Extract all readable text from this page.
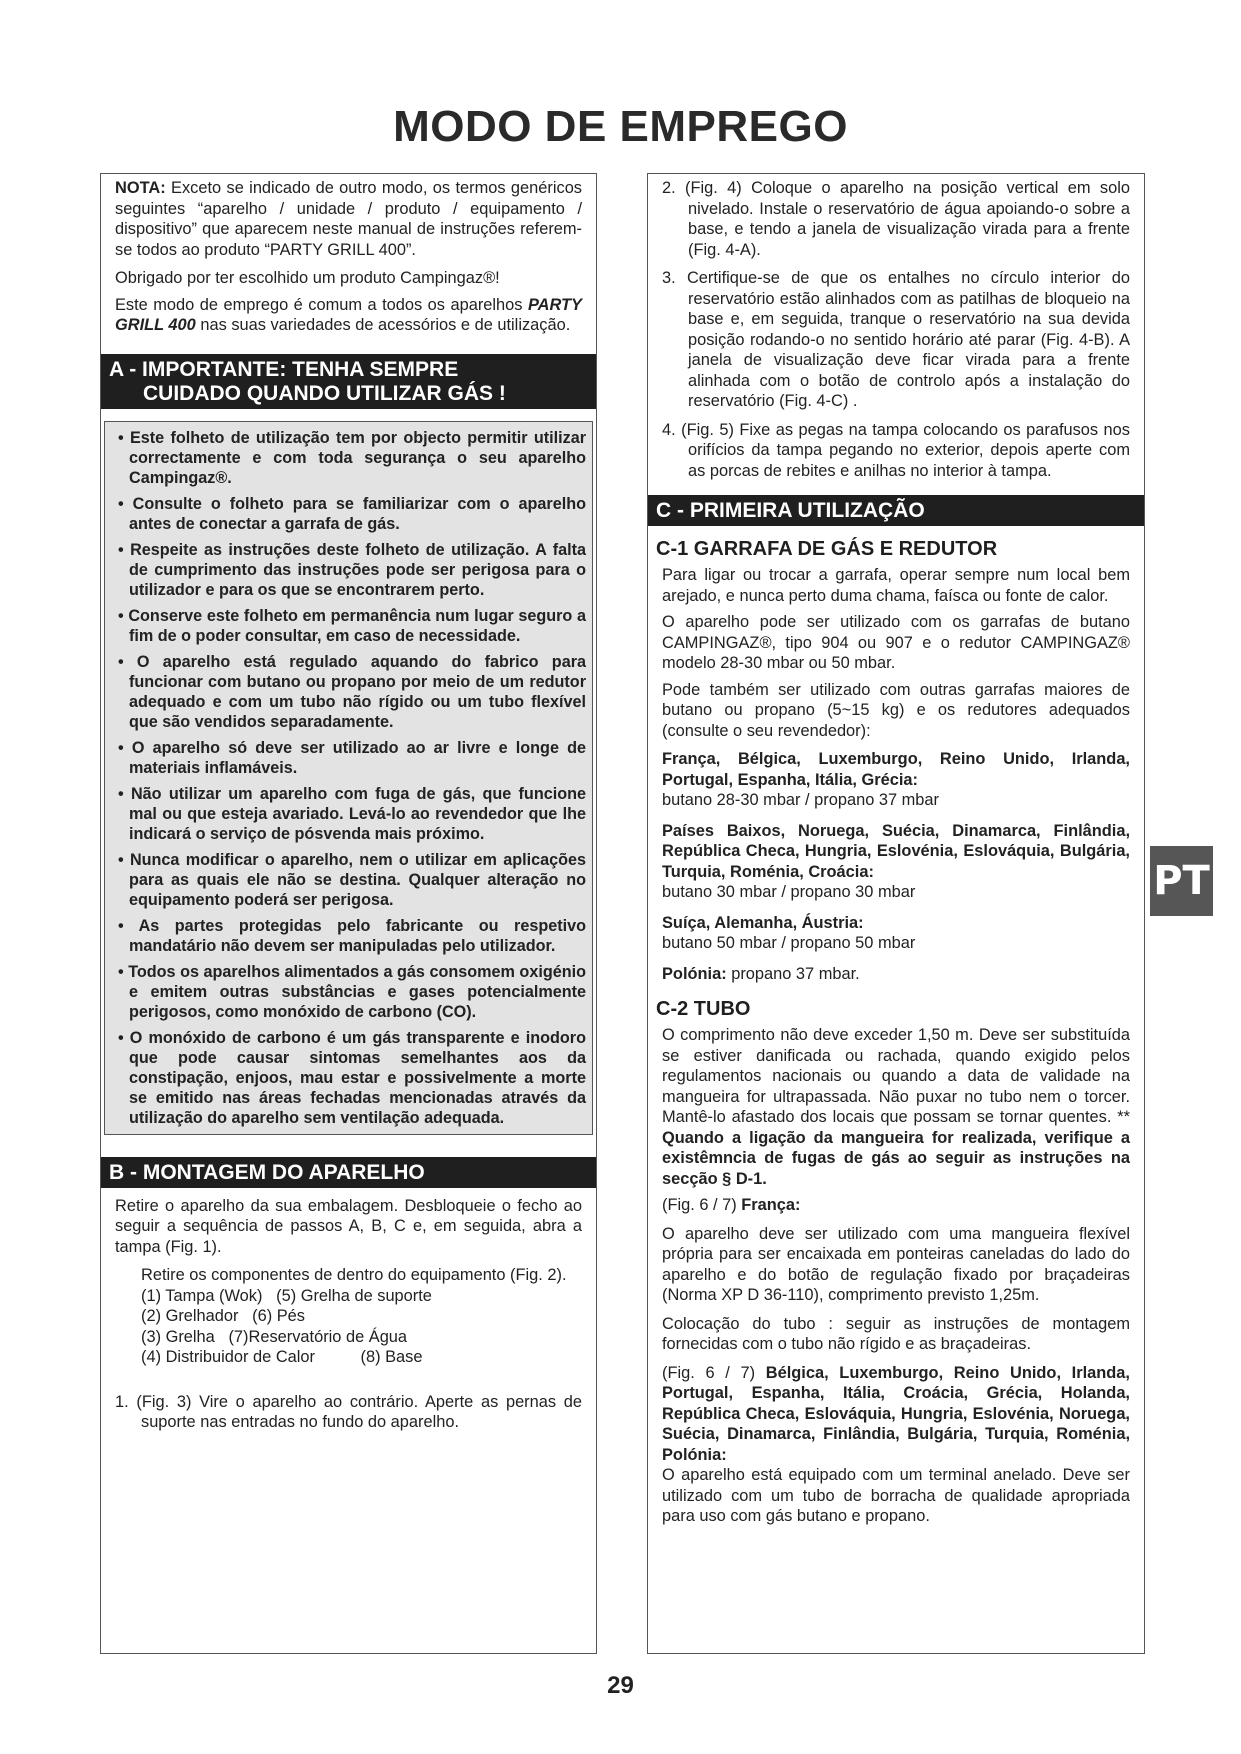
MODO DE EMPREGO

NOTA: Exceto se indicado de outro modo, os termos genéricos seguintes “aparelho / unidade / produto / equipamento / dispositivo” que aparecem neste manual de instruções referem-se todos ao produto “PARTY GRILL 400”.

Obrigado por ter escolhido um produto Campingaz®!

Este modo de emprego é comum a todos os aparelhos PARTY GRILL 400 nas suas variedades de acessórios e de utilização.

A - IMPORTANTE: TENHA SEMPRE
CUIDADO QUANDO UTILIZAR GÁS !

• Este folheto de utilização tem por objecto permitir utilizar correctamente e com toda segurança o seu aparelho Campingaz®.

• Consulte o folheto para se familiarizar com o aparelho antes de conectar a garrafa de gás.

• Respeite as instruções deste folheto de utilização. A falta de cumprimento das instruções pode ser perigosa para o utilizador e para os que se encontrarem perto.

• Conserve este folheto em permanência num lugar seguro a fim de o poder consultar, em caso de necessidade.

• O aparelho está regulado aquando do fabrico para funcionar com butano ou propano por meio de um redutor adequado e com um tubo não rígido ou um tubo flexível que são vendidos separadamente.

• O aparelho só deve ser utilizado ao ar livre e longe de materiais inflamáveis.

• Não utilizar um aparelho com fuga de gás, que funcione mal ou que esteja avariado. Levá-lo ao revendedor que lhe indicará o serviço de pósvenda mais próximo.

• Nunca modificar o aparelho, nem o utilizar em aplicações para as quais ele não se destina. Qualquer alteração no equipamento poderá ser perigosa.

• As partes protegidas pelo fabricante ou respetivo mandatário não devem ser manipuladas pelo utilizador.

• Todos os aparelhos alimentados a gás consomem oxigénio e emitem outras substâncias e gases potencialmente perigosos, como monóxido de carbono (CO).

• O monóxido de carbono é um gás transparente e inodoro que pode causar sintomas semelhantes aos da constipação, enjoos, mau estar e possivelmente a morte se emitido nas áreas fechadas mencionadas através da utilização do aparelho sem ventilação adequada.

B - MONTAGEM DO APARELHO

Retire o aparelho da sua embalagem. Desbloqueie o fecho ao seguir a sequência de passos A, B, C e, em seguida, abra a tampa (Fig. 1).

Retire os componentes de dentro do equipamento (Fig. 2).

(1) Tampa (Wok) (5) Grelha de suporte
(2) Grelhador (6) Pés
(3) Grelha (7)Reservatório de Água
(4) Distribuidor de Calor	(8) Base

1. (Fig. 3) Vire o aparelho ao contrário. Aperte as pernas de suporte nas entradas no fundo do aparelho.

2. (Fig. 4) Coloque o aparelho na posição vertical em solo nivelado. Instale o reservatório de água apoiando-o sobre a base, e tendo a janela de visualização virada para a frente (Fig. 4-A).

3. Certifique-se de que os entalhes no círculo interior do reservatório estão alinhados com as patilhas de bloqueio na base e, em seguida, tranque o reservatório na sua devida posição rodando-o no sentido horário até parar (Fig. 4-B). A janela de visualização deve ficar virada para a frente alinhada com o botão de controlo após a instalação do reservatório (Fig. 4-C) .

4. (Fig. 5) Fixe as pegas na tampa colocando os parafusos nos orifícios da tampa pegando no exterior, depois aperte com as porcas de rebites e anilhas no interior à tampa.

C - PRIMEIRA UTILIZAÇÃO
C-1 GARRAFA DE GÁS E REDUTOR

Para ligar ou trocar a garrafa, operar sempre num local bem arejado, e nunca perto duma chama, faísca ou fonte de calor.

O aparelho pode ser utilizado com os garrafas de butano CAMPINGAZ®, tipo 904 ou 907 e o redutor CAMPINGAZ® modelo 28-30 mbar ou 50 mbar.

Pode também ser utilizado com outras garrafas maiores de butano ou propano (5~15 kg) e os redutores adequados (consulte o seu revendedor):

França, Bélgica, Luxemburgo, Reino Unido, Irlanda, Portugal, Espanha, Itália, Grécia:

butano 28-30 mbar / propano 37 mbar

Países Baixos, Noruega, Suécia, Dinamarca, Finlândia, República Checa, Hungria, Eslovénia, Eslováquia, Bulgária, Turquia, Roménia, Croácia:

butano 30 mbar / propano 30 mbar

Suíça, Alemanha, Áustria:

butano 50 mbar / propano 50 mbar

Polónia: propano 37 mbar.

C-2 TUBO

O comprimento não deve exceder 1,50 m. Deve ser substituída se estiver danificada ou rachada, quando exigido pelos regulamentos nacionais ou quando a data de validade na mangueira for ultrapassada. Não puxar no tubo nem o torcer. Mantê-lo afastado dos locais que possam se tornar quentes. ** Quando a ligação da mangueira for realizada, verifique a existêmncia de fugas de gás ao seguir as instruções na secção § D-1.

(Fig. 6 / 7) França:

O aparelho deve ser utilizado com uma mangueira flexível própria para ser encaixada em ponteiras caneladas do lado do aparelho e do botão de regulação fixado por braçadeiras (Norma XP D 36-110), comprimento previsto 1,25m.

Colocação do tubo : seguir as instruções de montagem fornecidas com o tubo não rígido e as braçadeiras.

(Fig. 6 / 7) Bélgica, Luxemburgo, Reino Unido, Irlanda, Portugal, Espanha, Itália, Croácia, Grécia, Holanda, República Checa, Eslováquia, Hungria, Eslovénia, Noruega, Suécia, Dinamarca, Finlândia, Bulgária, Turquia, Roménia, Polónia:

O aparelho está equipado com um terminal anelado. Deve ser utilizado com um tubo de borracha de qualidade apropriada para uso com gás butano e propano.

PT
29
